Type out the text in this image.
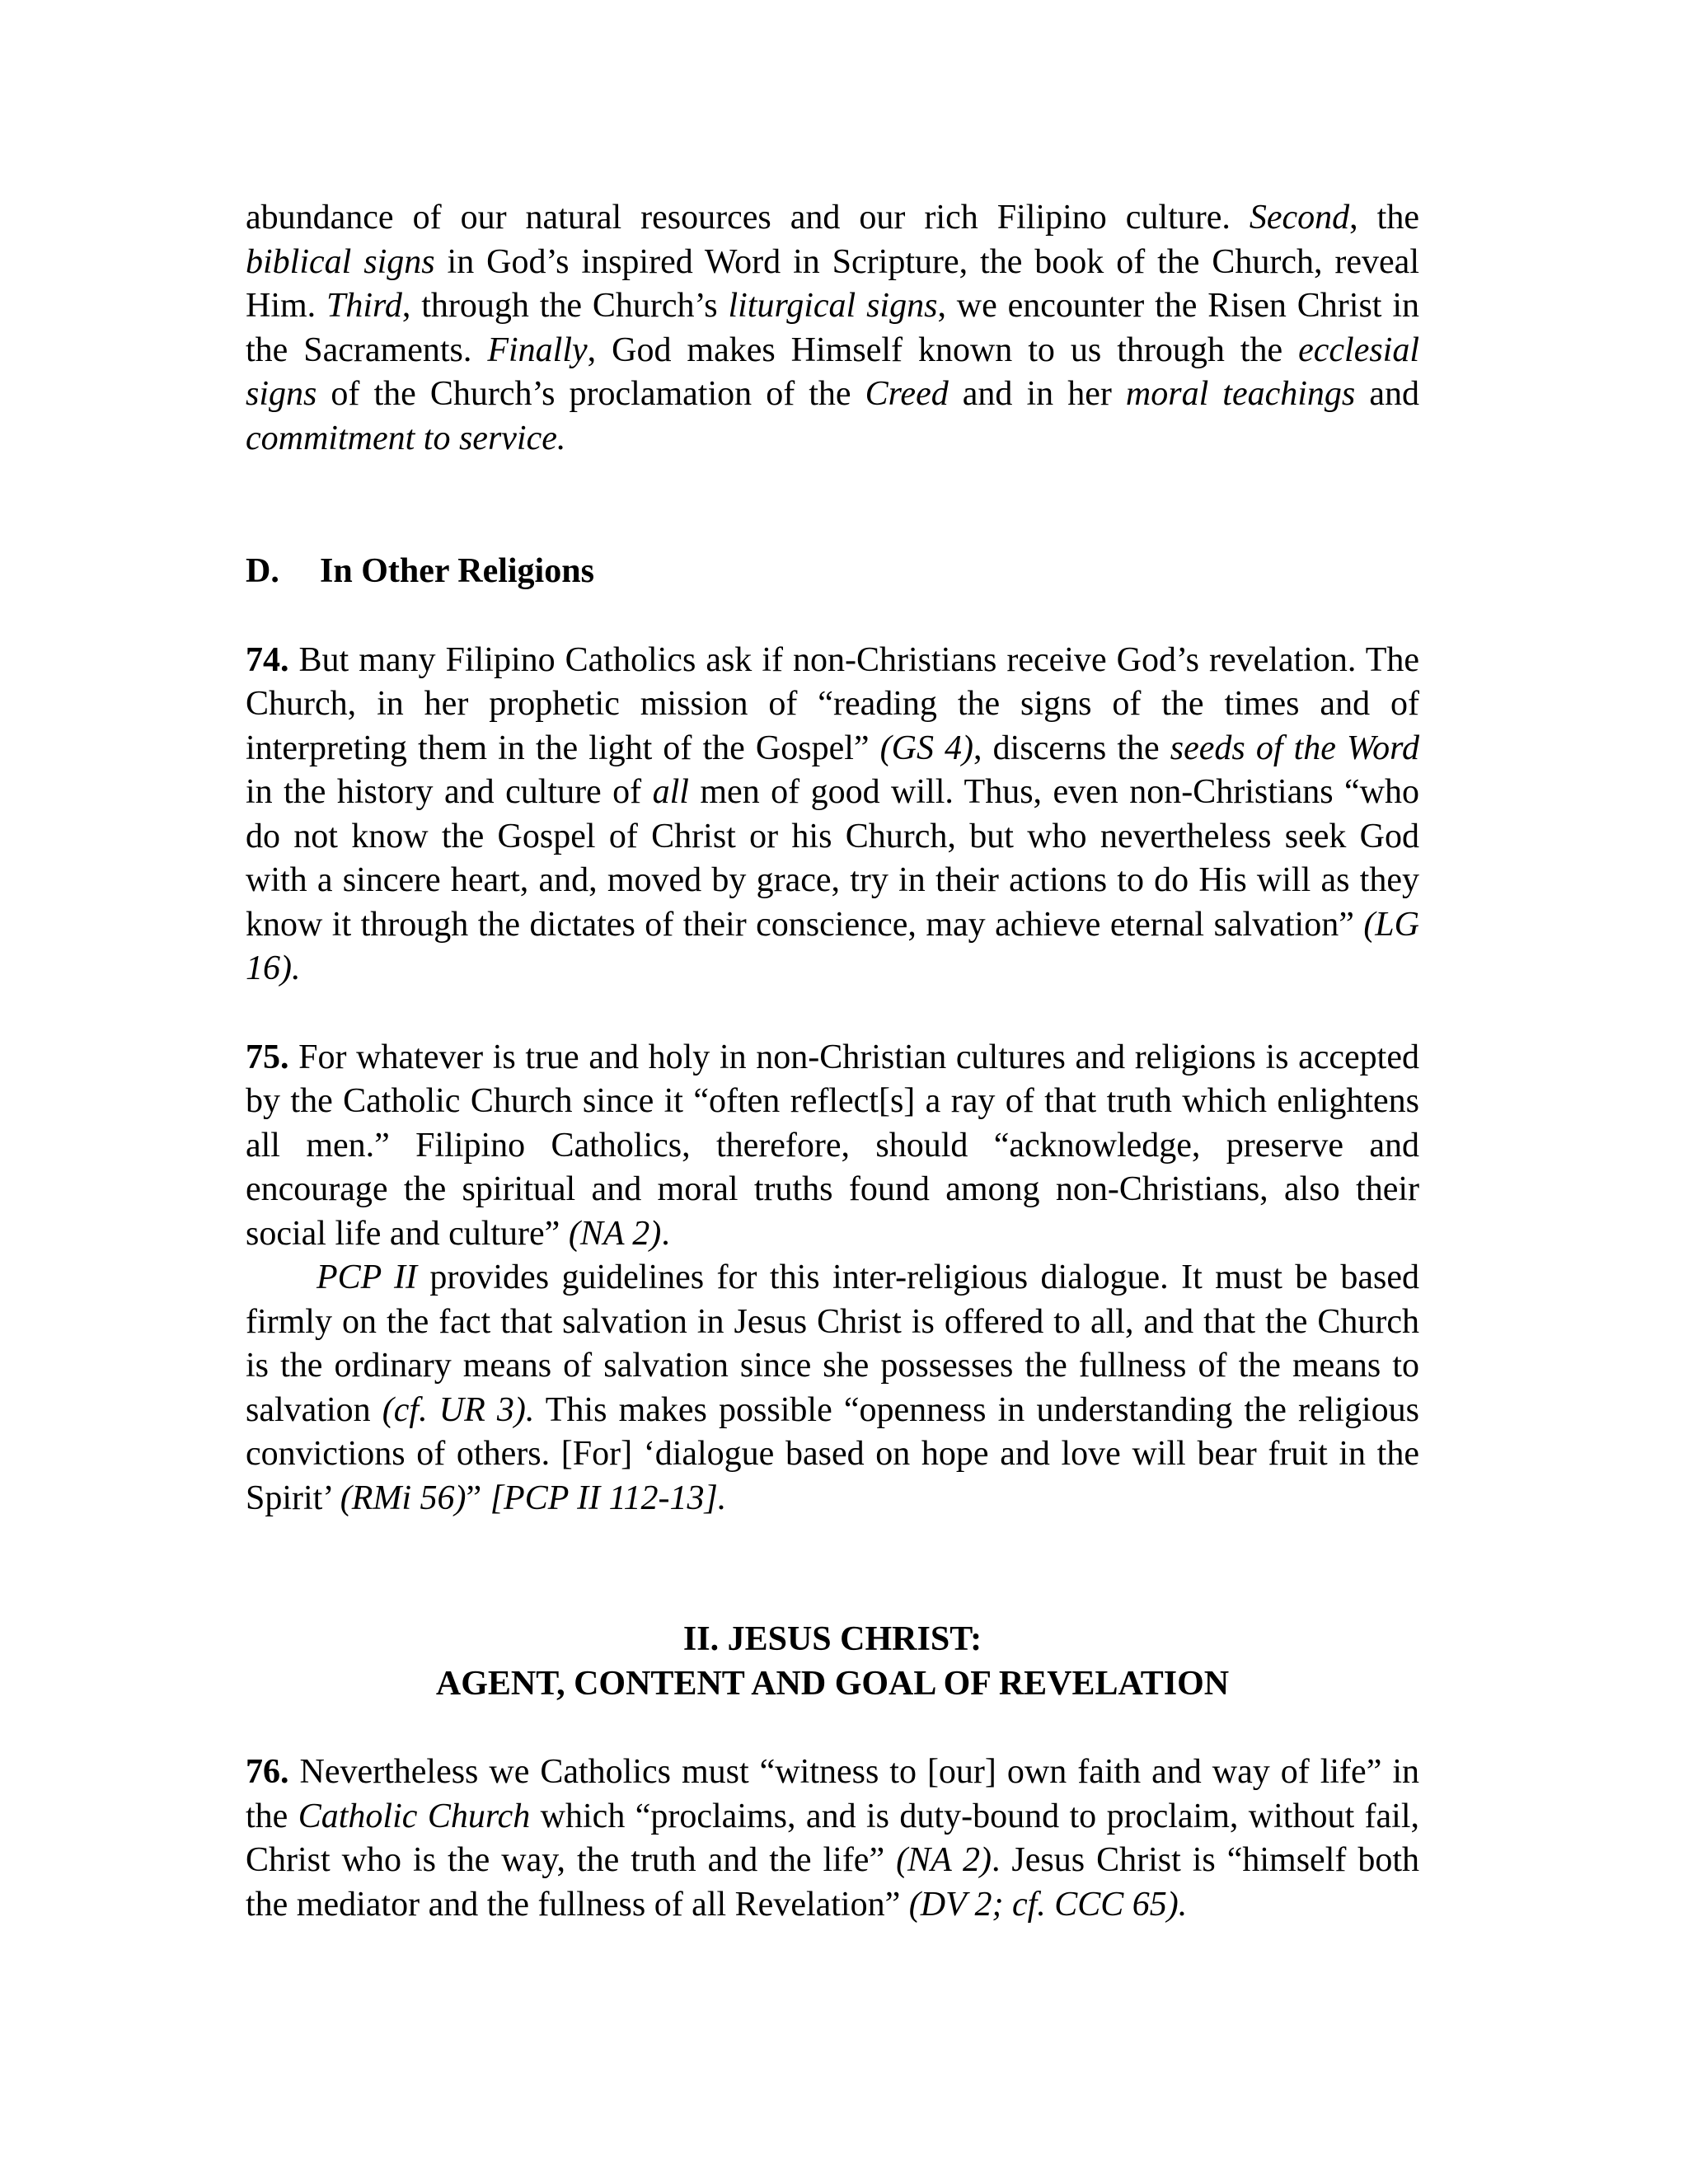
abundance of our natural resources and our rich Filipino culture. Second, the biblical signs in God’s inspired Word in Scripture, the book of the Church, reveal Him. Third, through the Church’s liturgical signs, we encounter the Risen Christ in the Sacraments. Finally, God makes Himself known to us through the ecclesial signs of the Church’s proclamation of the Creed and in her moral teachings and commitment to service.

D. In Other Religions

74. But many Filipino Catholics ask if non-Christians receive God’s revelation. The Church, in her prophetic mission of “reading the signs of the times and of interpreting them in the light of the Gospel” (GS 4), discerns the seeds of the Word in the history and culture of all men of good will. Thus, even non-Christians “who do not know the Gospel of Christ or his Church, but who nevertheless seek God with a sincere heart, and, moved by grace, try in their actions to do His will as they know it through the dictates of their conscience, may achieve eternal salvation” (LG 16).

75. For whatever is true and holy in non-Christian cultures and religions is accepted by the Catholic Church since it “often reflect[s] a ray of that truth which enlightens all men.” Filipino Catholics, therefore, should “acknowledge, preserve and encourage the spiritual and moral truths found among non-Christians, also their social life and culture” (NA 2).

PCP II provides guidelines for this inter-religious dialogue. It must be based firmly on the fact that salvation in Jesus Christ is offered to all, and that the Church is the ordinary means of salvation since she possesses the fullness of the means to salvation (cf. UR 3). This makes possible “openness in understanding the religious convictions of others. [For] ‘dialogue based on hope and love will bear fruit in the Spirit’ (RMi 56)” [PCP II 112-13].

II. JESUS CHRIST:
AGENT, CONTENT AND GOAL OF REVELATION

76. Nevertheless we Catholics must “witness to [our] own faith and way of life” in the Catholic Church which “proclaims, and is duty-bound to proclaim, without fail, Christ who is the way, the truth and the life” (NA 2). Jesus Christ is “himself both the mediator and the fullness of all Revelation” (DV 2; cf. CCC 65).
